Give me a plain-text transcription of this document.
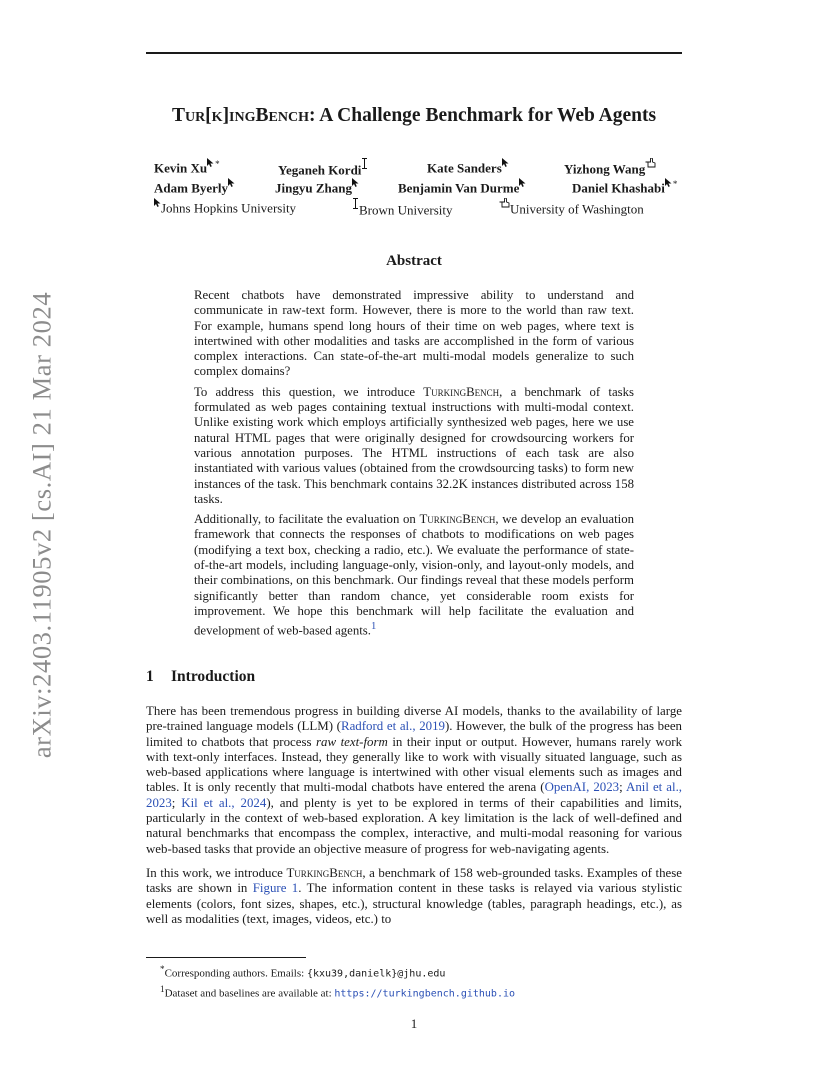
arXiv:2403.11905v2 [cs.AI] 21 Mar 2024
Tur[k]ingBench: A Challenge Benchmark for Web Agents
Kevin Xu *	Yeganeh Kordi	Kate Sanders	Yizhong Wang
Adam Byerly	Jingyu Zhang	Benjamin Van Durme	Daniel Khashabi *
Johns Hopkins University	Brown University	University of Washington
Abstract

Recent chatbots have demonstrated impressive ability to understand and communicate in raw-text form. However, there is more to the world than raw text. For example, humans spend long hours of their time on web pages, where text is intertwined with other modalities and tasks are accomplished in the form of various complex interactions. Can state-of-the-art multi-modal models generalize to such complex domains?

To address this question, we introduce TurkingBench, a benchmark of tasks formulated as web pages containing textual instructions with multi-modal context. Unlike existing work which employs artificially synthesized web pages, here we use natural HTML pages that were originally designed for crowdsourcing workers for various annotation purposes. The HTML instructions of each task are also instantiated with various values (obtained from the crowdsourcing tasks) to form new instances of the task. This benchmark contains 32.2K instances distributed across 158 tasks.

Additionally, to facilitate the evaluation on TurkingBench, we develop an evaluation framework that connects the responses of chatbots to modifications on web pages (modifying a text box, checking a radio, etc.). We evaluate the performance of state-of-the-art models, including language-only, vision-only, and layout-only models, and their combinations, on this benchmark. Our findings reveal that these models perform significantly better than random chance, yet considerable room exists for improvement. We hope this benchmark will help facilitate the evaluation and development of web-based agents.$^1$

1 Introduction

There has been tremendous progress in building diverse AI models, thanks to the availability of large pre-trained language models (LLM) (Radford et al., 2019). However, the bulk of the progress has been limited to chatbots that process raw text-form in their input or output. However, humans rarely work with text-only interfaces. Instead, they generally like to work with visually situated language, such as web-based applications where language is intertwined with other visual elements such as images and tables. It is only recently that multi-modal chatbots have entered the arena (OpenAI, 2023; Anil et al., 2023; Kil et al., 2024), and plenty is yet to be explored in terms of their capabilities and limits, particularly in the context of web-based exploration. A key limitation is the lack of well-defined and natural benchmarks that encompass the complex, interactive, and multi-modal reasoning for various web-based tasks that provide an objective measure of progress for web-navigating agents.

In this work, we introduce TurkingBench, a benchmark of 158 web-grounded tasks. Examples of these tasks are shown in Figure 1. The information content in these tasks is relayed via various stylistic elements (colors, font sizes, shapes, etc.), structural knowledge (tables, paragraph headings, etc.), as well as modalities (text, images, videos, etc.) to

*Corresponding authors. Emails: {kxu39,danielk}@jhu.edu
$^1$Dataset and baselines are available at: https://turkingbench.github.io
1
